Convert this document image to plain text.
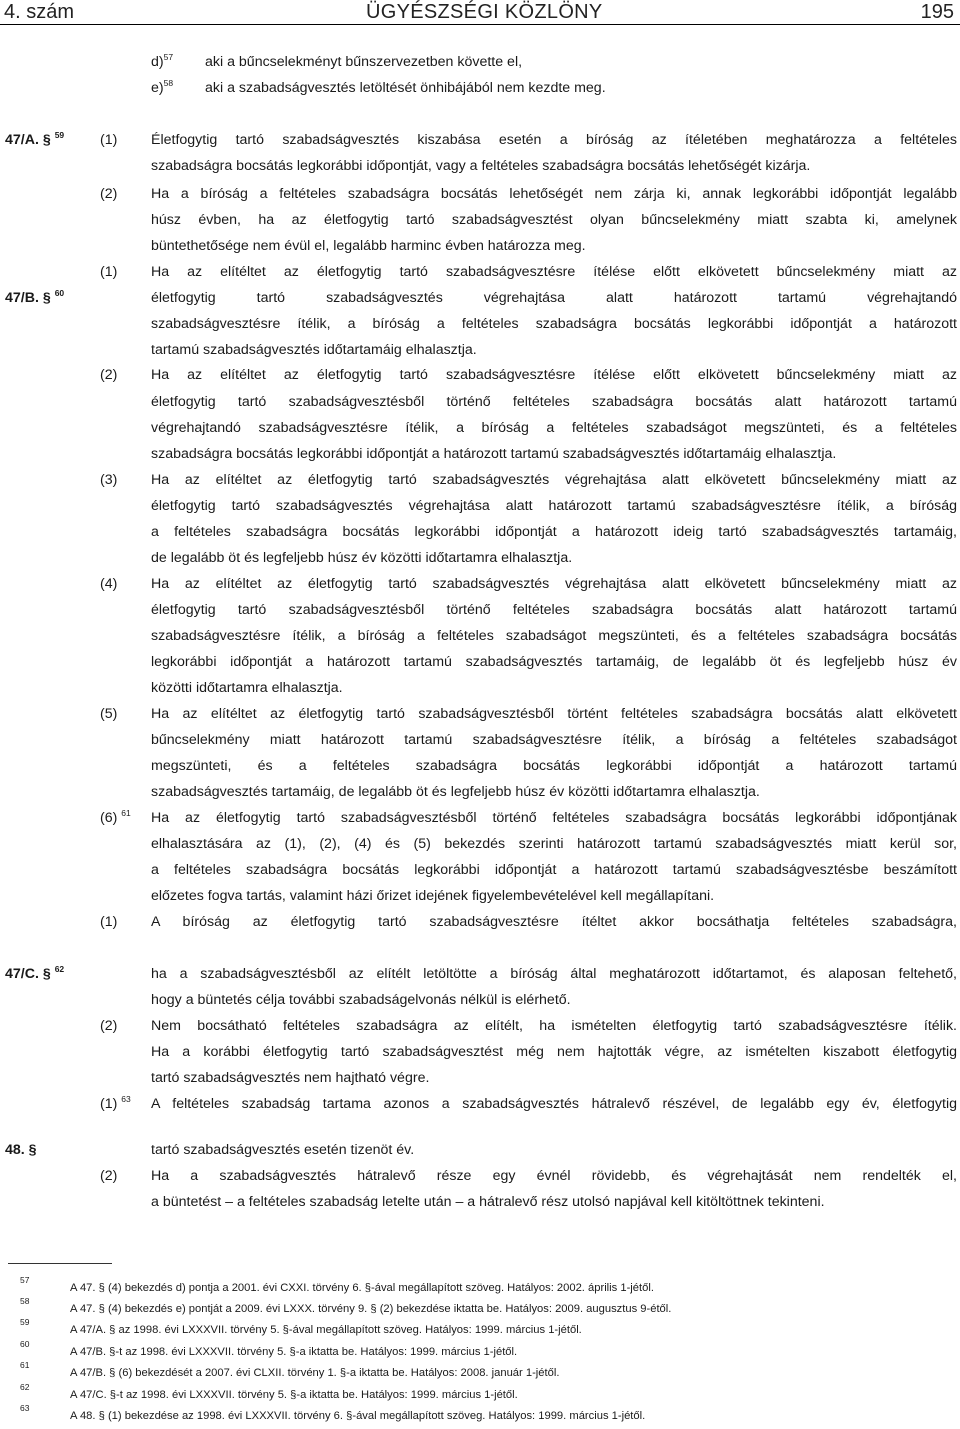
4. szám	ÜGYÉSZSÉGI KÖZLÖNY	195
d)$^{57}$ aki a bűncselekményt bűnszervezetben követte el,
e)$^{58}$ aki a szabadságvesztés letöltését önhibájából nem kezdte meg.
47/A. § $^{59}$	(1) Életfogytig tartó szabadságvesztés kiszabása esetén a bíróság az ítéletében meghatározza a feltételes
szabadságra bocsátás legkorábbi időpontját, vagy a feltételes szabadságra bocsátás lehetőségét kizárja.
(2) Ha a bíróság a feltételes szabadságra bocsátás lehetőségét nem zárja ki, annak legkorábbi időpontját legalább
húsz évben, ha az életfogytig tartó szabadságvesztést olyan bűncselekmény miatt szabta ki, amelynek
büntethetősége nem évül el, legalább harminc évben határozza meg.
47/B. § $^{60}$
(1) Ha az elítéltet az életfogytig tartó szabadságvesztésre ítélése előtt elkövetett bűncselekmény miatt az
életfogytig tartó szabadságvesztés végrehajtása alatt határozott tartamú végrehajtandó
szabadságvesztésre ítélik, a bíróság a feltételes szabadságra bocsátás legkorábbi időpontját a határozott
tartamú szabadságvesztés időtartamáig elhalasztja.
(2) Ha az elítéltet az életfogytig tartó szabadságvesztésre ítélése előtt elkövetett bűncselekmény miatt az
életfogytig tartó szabadságvesztésből történő feltételes szabadságra bocsátás alatt határozott tartamú
végrehajtandó szabadságvesztésre ítélik, a bíróság a feltételes szabadságot megszünteti, és a feltételes
szabadságra bocsátás legkorábbi időpontját a határozott tartamú szabadságvesztés időtartamáig elhalasztja.
(3) Ha az elítéltet az életfogytig tartó szabadságvesztés végrehajtása alatt elkövetett bűncselekmény miatt az
életfogytig tartó szabadságvesztés végrehajtása alatt határozott tartamú szabadságvesztésre ítélik, a bíróság
a feltételes szabadságra bocsátás legkorábbi időpontját a határozott ideig tartó szabadságvesztés tartamáig,
de legalább öt és legfeljebb húsz év közötti időtartamra elhalasztja.
(4) Ha az elítéltet az életfogytig tartó szabadságvesztés végrehajtása alatt elkövetett bűncselekmény miatt az
életfogytig tartó szabadságvesztésből történő feltételes szabadságra bocsátás alatt határozott tartamú
szabadságvesztésre ítélik, a bíróság a feltételes szabadságot megszünteti, és a feltételes szabadságra bocsátás
legkorábbi időpontját a határozott tartamú szabadságvesztés tartamáig, de legalább öt és legfeljebb húsz év
közötti időtartamra elhalasztja.
(5) Ha az elítéltet az életfogytig tartó szabadságvesztésből történt feltételes szabadságra bocsátás alatt elkövetett
bűncselekmény miatt határozott tartamú szabadságvesztésre ítélik, a bíróság a feltételes szabadságot
megszünteti, és a feltételes szabadságra bocsátás legkorábbi időpontját a határozott tartamú
szabadságvesztés tartamáig, de legalább öt és legfeljebb húsz év közötti időtartamra elhalasztja.
(6) $^{61}$ Ha az életfogytig tartó szabadságvesztésből történő feltételes szabadságra bocsátás legkorábbi időpontjának
elhalasztására az (1), (2), (4) és (5) bekezdés szerinti határozott tartamú szabadságvesztés miatt kerül sor,
a feltételes szabadságra bocsátás legkorábbi időpontját a határozott tartamú szabadságvesztésbe beszámított
előzetes fogva tartás, valamint házi őrizet idejének figyelembevételével kell megállapítani.
47/C. § $^{62}$
(1) A bíróság az életfogytig tartó szabadságvesztésre ítéltet akkor bocsáthatja feltételes szabadságra,
ha a szabadságvesztésből az elítélt letöltötte a bíróság által meghatározott időtartamot, és alaposan feltehető,
hogy a büntetés célja további szabadságelvonás nélkül is elérhető.
(2) Nem bocsátható feltételes szabadságra az elítélt, ha ismételten életfogytig tartó szabadságvesztésre ítélik.
Ha a korábbi életfogytig tartó szabadságvesztést még nem hajtották végre, az ismételten kiszabott életfogytig
tartó szabadságvesztés nem hajtható végre.
48. §
(1) $^{63}$ A feltételes szabadság tartama azonos a szabadságvesztés hátralevő részével, de legalább egy év, életfogytig
tartó szabadságvesztés esetén tizenöt év.
(2) Ha a szabadságvesztés hátralevő része egy évnél rövidebb, és végrehajtását nem rendelték el,
a büntetést – a feltételes szabadság letelte után – a hátralevő rész utolsó napjával kell kitöltöttnek tekinteni.
57
A 47. § (4) bekezdés d) pontja a 2001. évi CXXI. törvény 6. §-ával megállapított szöveg. Hatályos: 2002. április 1-jétől.
58
A 47. § (4) bekezdés e) pontját a 2009. évi LXXX. törvény 9. § (2) bekezdése iktatta be. Hatályos: 2009. augusztus 9-étől.
59
A 47/A. § az 1998. évi LXXXVII. törvény 5. §-ával megállapított szöveg. Hatályos: 1999. március 1-jétől.
60
A 47/B. §-t az 1998. évi LXXXVII. törvény 5. §-a iktatta be. Hatályos: 1999. március 1-jétől.
61
A 47/B. § (6) bekezdését a 2007. évi CLXII. törvény 1. §-a iktatta be. Hatályos: 2008. január 1-jétől.
62
A 47/C. §-t az 1998. évi LXXXVII. törvény 5. §-a iktatta be. Hatályos: 1999. március 1-jétől.
63
A 48. § (1) bekezdése az 1998. évi LXXXVII. törvény 6. §-ával megállapított szöveg. Hatályos: 1999. március 1-jétől.
